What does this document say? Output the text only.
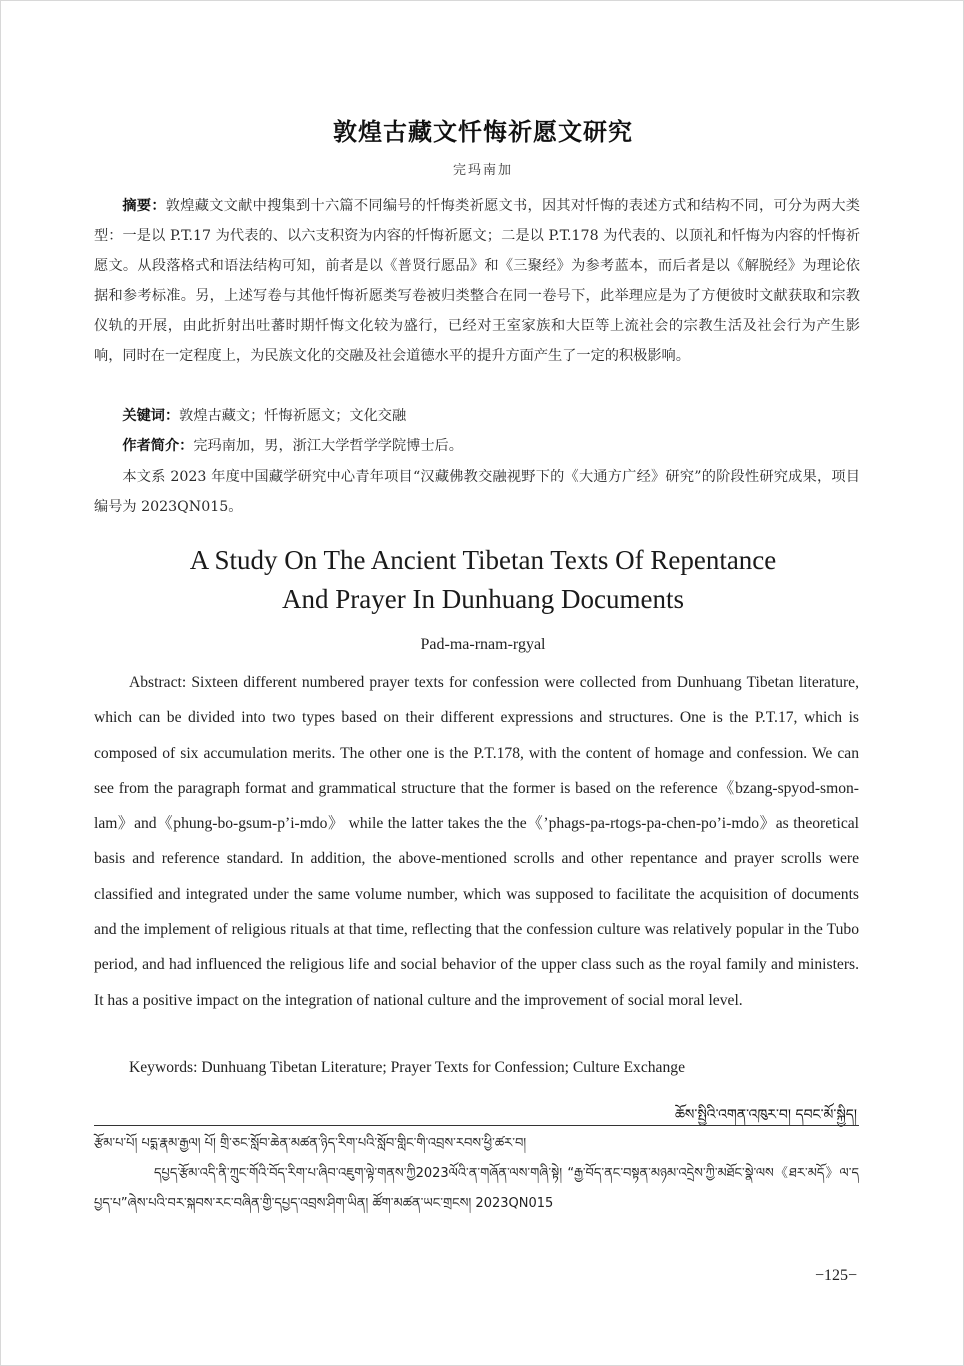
敦煌古藏文忏悔祈愿文研究
完玛南加
摘要：敦煌藏文文献中搜集到十六篇不同编号的忏悔类祈愿文书，因其对忏悔的表述方式和结构不同，可分为两大类型：一是以 P.T.17 为代表的、以六支积资为内容的忏悔祈愿文；二是以 P.T.178 为代表的、以顶礼和忏悔为内容的忏悔祈愿文。从段落格式和语法结构可知，前者是以《普贤行愿品》和《三聚经》为参考蓝本，而后者是以《解脱经》为理论依据和参考标准。另，上述写卷与其他忏悔祈愿类写卷被归类整合在同一卷号下，此举理应是为了方便彼时文献获取和宗教仪轨的开展，由此折射出吐蕃时期忏悔文化较为盛行，已经对王室家族和大臣等上流社会的宗教生活及社会行为产生影响，同时在一定程度上，为民族文化的交融及社会道德水平的提升方面产生了一定的积极影响。
关键词：敦煌古藏文；忏悔祈愿文；文化交融
作者简介：完玛南加，男，浙江大学哲学学院博士后。
本文系 2023 年度中国藏学研究中心青年项目“汉藏佛教交融视野下的《大通方广经》研究”的阶段性研究成果，项目编号为 2023QN015。
A Study On The Ancient Tibetan Texts Of Repentance
And Prayer In Dunhuang Documents
Pad-ma-rnam-rgyal
Abstract: Sixteen different numbered prayer texts for confession were collected from Dunhuang Tibetan literature, which can be divided into two types based on their different expressions and structures. One is the P.T.17, which is composed of six accumulation merits. The other one is the P.T.178, with the content of homage and confession. We can see from the paragraph format and grammatical structure that the former is based on the reference《bzang-spyod-smon-lam》and《phung-bo-gsum-p’i-mdo》 while the latter takes the the《’phags-pa-rtogs-pa-chen-po’i-mdo》as theoretical basis and reference standard. In addition, the above-mentioned scrolls and other repentance and prayer scrolls were classified and integrated under the same volume number, which was supposed to facilitate the acquisition of documents and the implement of religious rituals at that time, reflecting that the confession culture was relatively popular in the Tubo period, and had influenced the religious life and social behavior of the upper class such as the royal family and ministers. It has a positive impact on the integration of national culture and the improvement of social moral level.
Keywords: Dunhuang Tibetan Literature; Prayer Texts for Confession; Culture Exchange
ཆོས་སྤྱིའི་འགན་འཁུར་བ། དབང་མོ་སྐྱིད།
རྩོམ་པ་པོ། པདྨ་རྣམ་རྒྱལ། པོ། གྲི་ཅང་སློབ་ཆེན་མཚན་ཉིད་རིག་པའི་སློབ་གླིང་གི་འབྲས་རབས་ཕྱི་ཚར་བ།
དཔྱད་རྩོམ་འདི་ནི་ཀྲུང་གོའི་བོད་རིག་པ་ཞིབ་འཇུག་ལྟེ་གནས་ཀྱི2023ལོའི་ན་གཞོན་ལས་གཞི་སྟེ། “རྒྱ་བོད་ནང་བསྟན་མཉམ་འདྲེས་ཀྱི་མཐོང་སྣེ་ལས《ཐར་མདོ》ལ་དཔྱད་པ”ཞེས་པའི་བར་སྐབས་རང་བཞིན་གྱི་དཔྱད་འབྲས་ཤིག་ཡིན། ཚོག་མཚན་ཡང་གྲངས། 2023QN015
−125−
